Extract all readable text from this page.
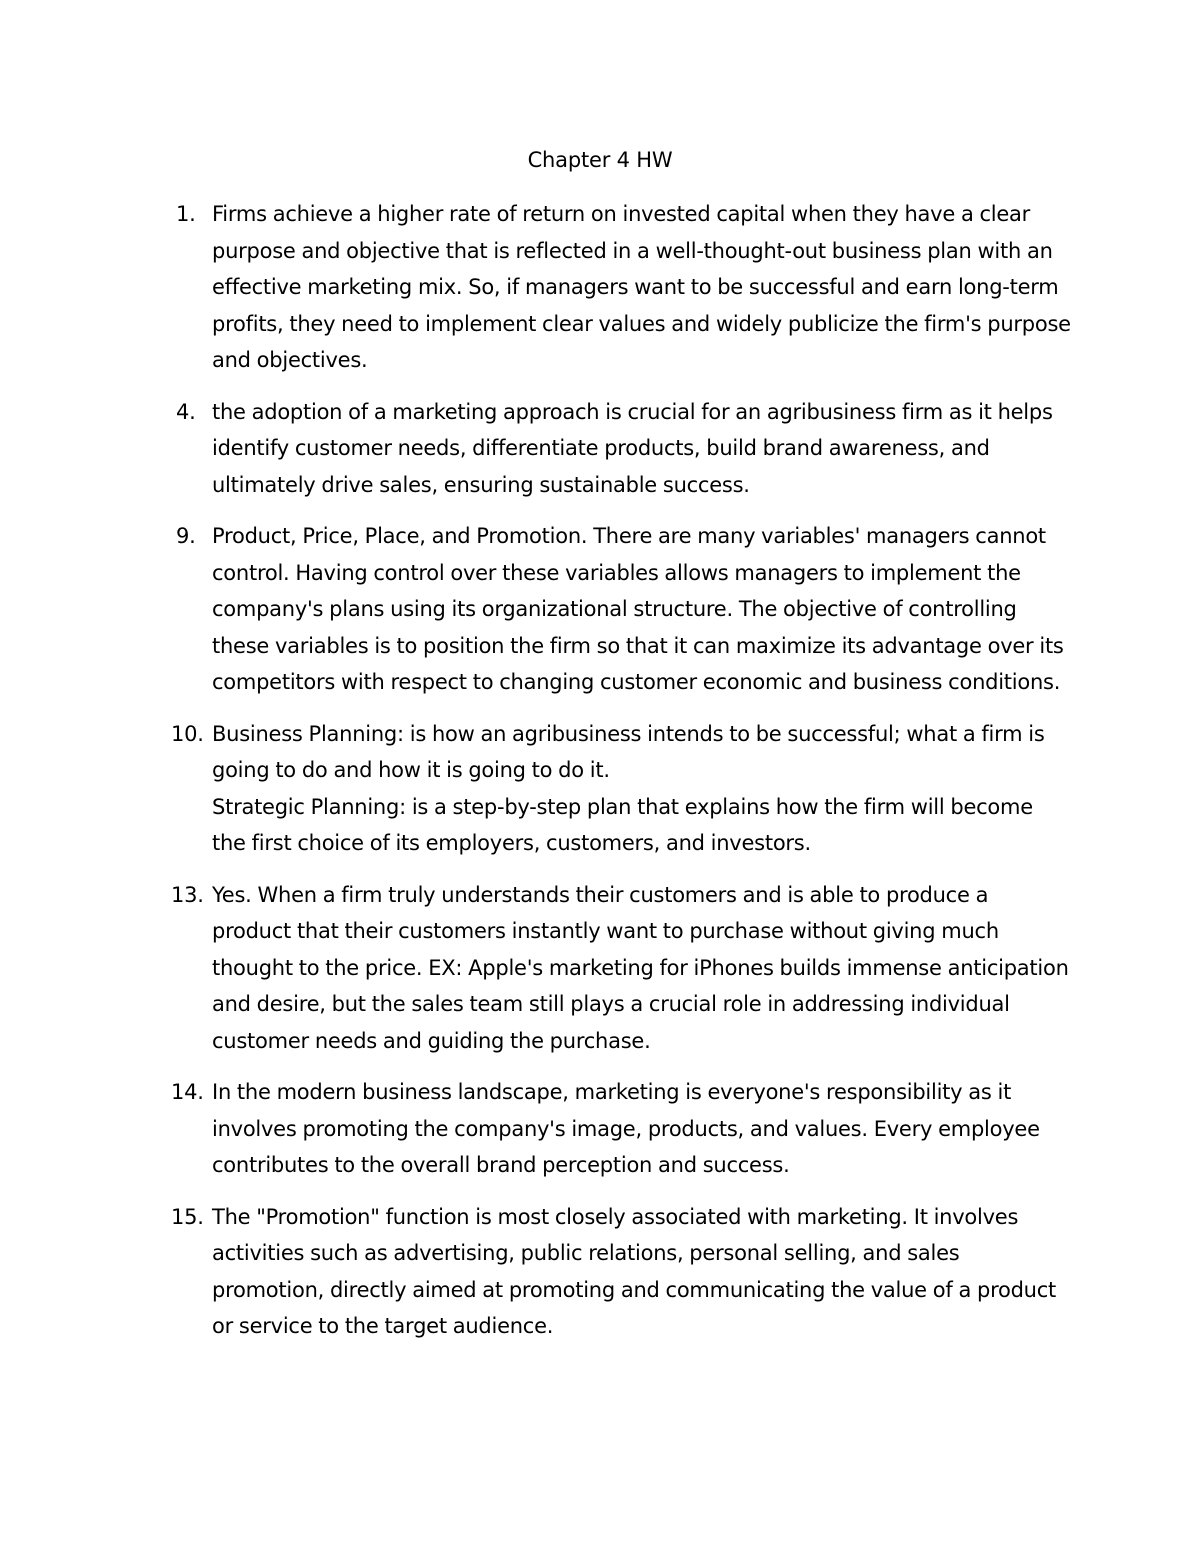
Chapter 4 HW
1. Firms achieve a higher rate of return on invested capital when they have a clear purpose and objective that is reflected in a well-thought-out business plan with an effective marketing mix. So, if managers want to be successful and earn long-term profits, they need to implement clear values and widely publicize the firm's purpose and objectives.

4. the adoption of a marketing approach is crucial for an agribusiness firm as it helps identify customer needs, differentiate products, build brand awareness, and ultimately drive sales, ensuring sustainable success.

9. Product, Price, Place, and Promotion. There are many variables' managers cannot control. Having control over these variables allows managers to implement the company's plans using its organizational structure. The objective of controlling these variables is to position the firm so that it can maximize its advantage over its competitors with respect to changing customer economic and business conditions.

10. Business Planning: is how an agribusiness intends to be successful; what a firm is going to do and how it is going to do it.

Strategic Planning: is a step-by-step plan that explains how the firm will become the first choice of its employers, customers, and investors.

13. Yes. When a firm truly understands their customers and is able to produce a product that their customers instantly want to purchase without giving much thought to the price. EX: Apple's marketing for iPhones builds immense anticipation and desire, but the sales team still plays a crucial role in addressing individual customer needs and guiding the purchase.

14. In the modern business landscape, marketing is everyone's responsibility as it involves promoting the company's image, products, and values. Every employee contributes to the overall brand perception and success.

15. The "Promotion" function is most closely associated with marketing. It involves activities such as advertising, public relations, personal selling, and sales promotion, directly aimed at promoting and communicating the value of a product or service to the target audience.
